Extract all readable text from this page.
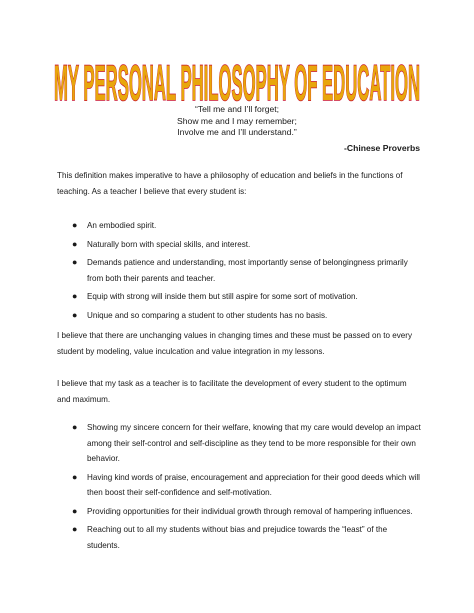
MY PERSONAL PHILOSOPHY OF EDUCATION
“Tell me and I’ll forget;
Show me and I may remember;
Involve me and I’ll understand.”
-Chinese Proverbs

This definition makes imperative to have a philosophy of education and beliefs in the functions of teaching. As a teacher I believe that every student is:

● An embodied spirit.
● Naturally born with special skills, and interest.
● Demands patience and understanding, most importantly sense of belongingness primarily from both their parents and teacher.
● Equip with strong will inside them but still aspire for some sort of motivation.
● Unique and so comparing a student to other students has no basis.

I believe that there are unchanging values in changing times and these must be passed on to every student by modeling, value inculcation and value integration in my lessons.

I believe that my task as a teacher is to facilitate the development of every student to the optimum and maximum.

● Showing my sincere concern for their welfare, knowing that my care would develop an impact among their self-control and self-discipline as they tend to be more responsible for their own behavior.
● Having kind words of praise, encouragement and appreciation for their good deeds which will then boost their self-confidence and self-motivation.
● Providing opportunities for their individual growth through removal of hampering influences.
● Reaching out to all my students without bias and prejudice towards the “least” of the students.
